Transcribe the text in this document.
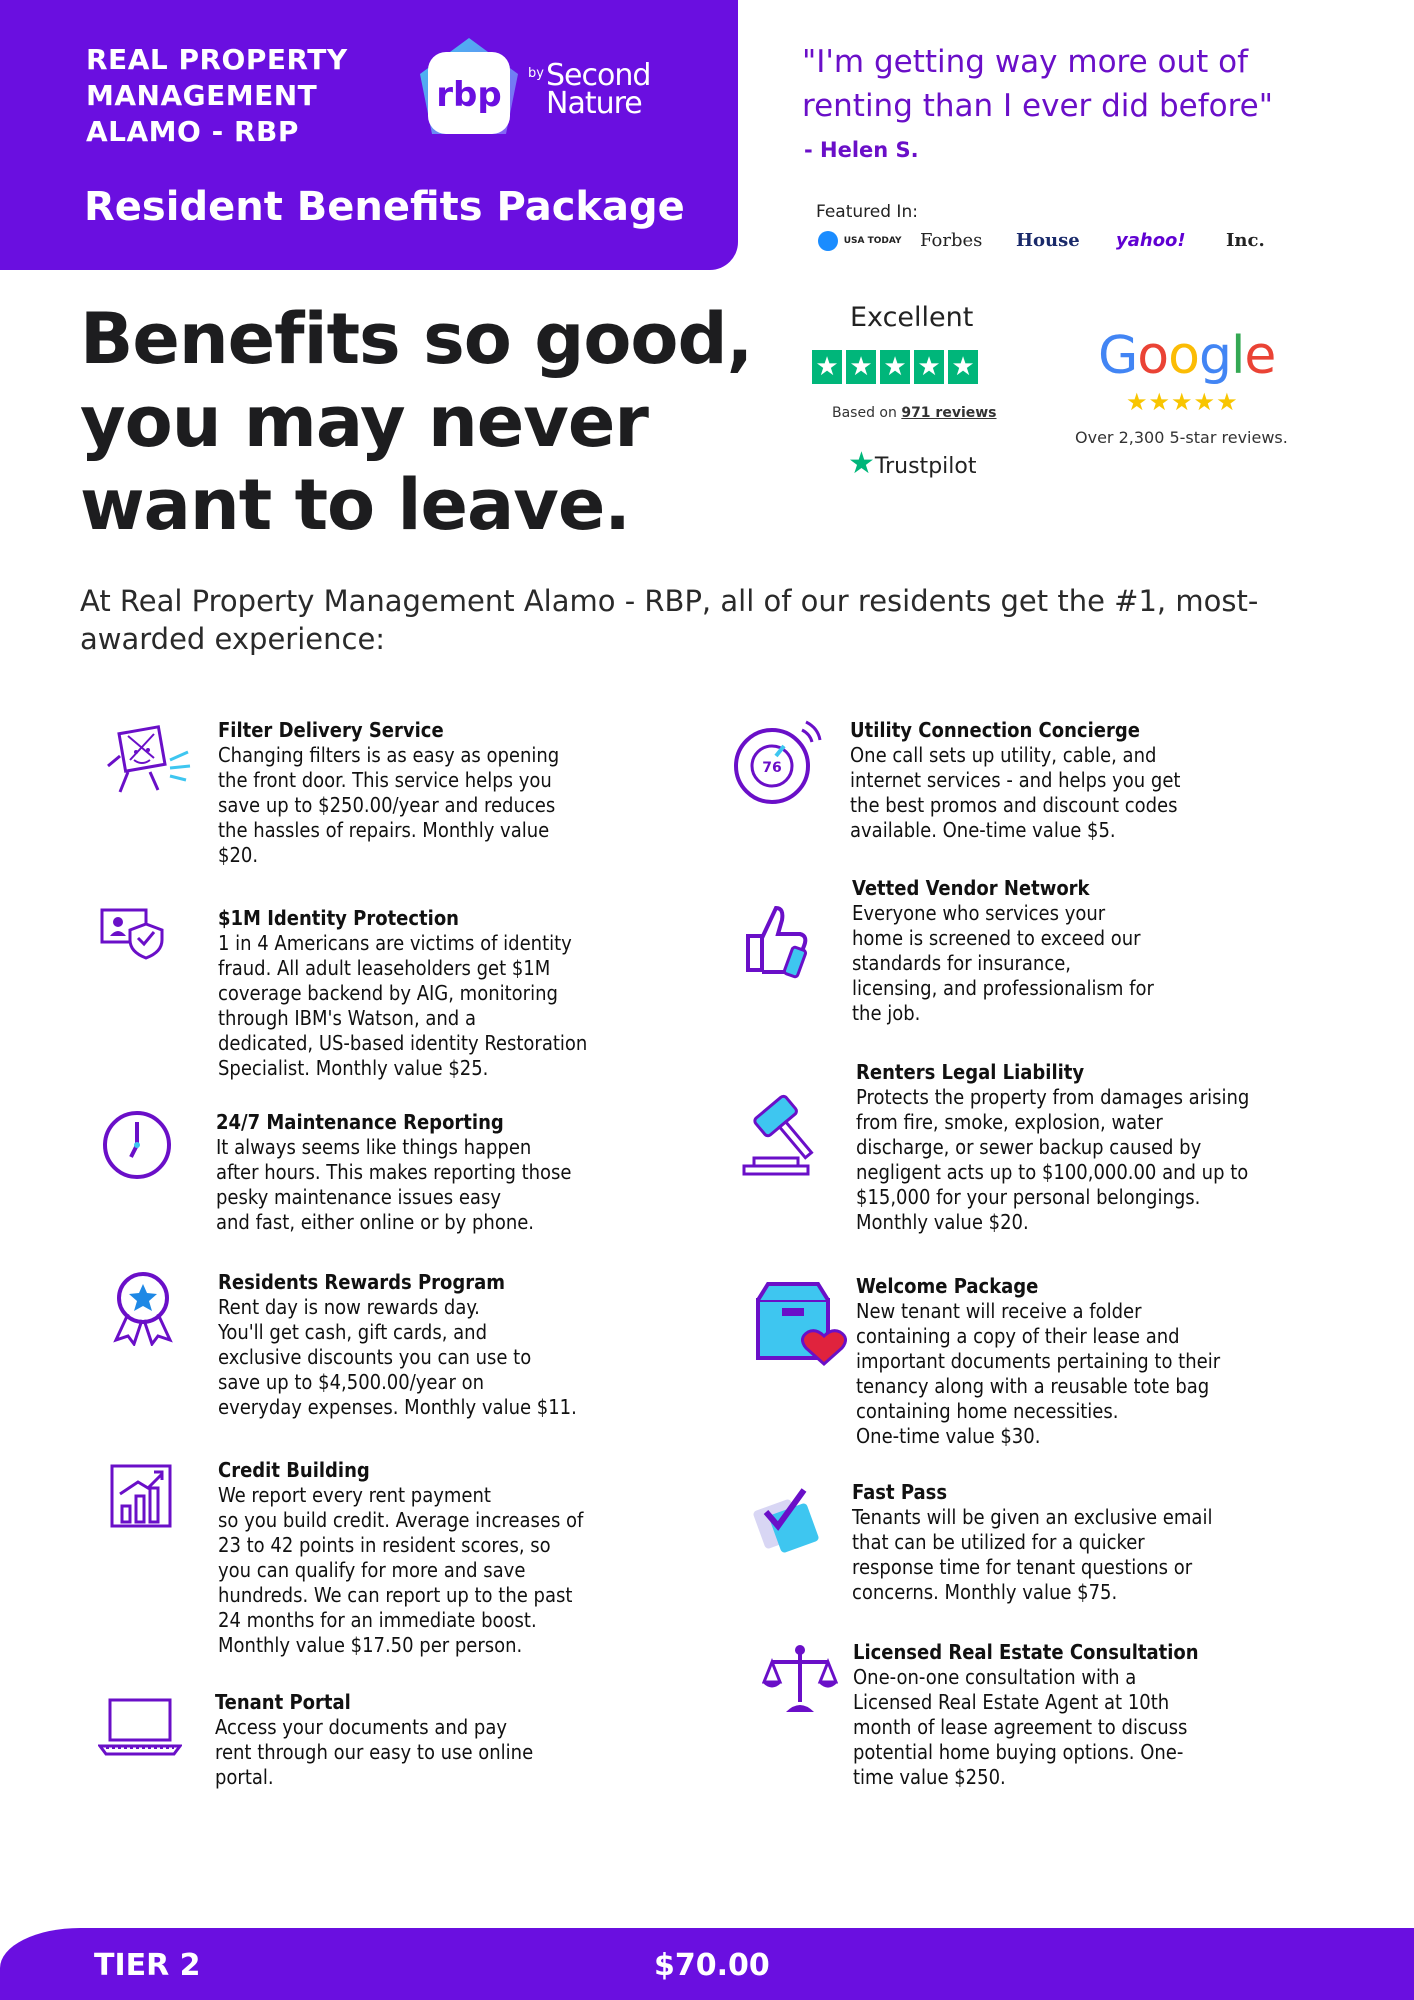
REAL PROPERTY
MANAGEMENT
ALAMO - RBP
rbp
by Second
Nature
Resident Benefits Package
"I'm getting way more out of renting than I ever did before"
- Helen S.
Featured In:
USA TODAY Forbes House yahoo! Inc.
Benefits so good, you may never want to leave.
Excellent
★ ★ ★ ★ ★
Based on 971 reviews
★Trustpilot
Google
★★★★★
Over 2,300 5-star reviews.
At Real Property Management Alamo - RBP, all of our residents get the #1, most-awarded experience:
Filter Delivery Service
Changing filters is as easy as opening
the front door. This service helps you
save up to $250.00/year and reduces
the hassles of repairs. Monthly value
$20.
$1M Identity Protection
1 in 4 Americans are victims of identity
fraud. All adult leaseholders get $1M
coverage backend by AIG, monitoring
through IBM's Watson, and a
dedicated, US-based identity Restoration
Specialist. Monthly value $25.
24/7 Maintenance Reporting
It always seems like things happen
after hours. This makes reporting those
pesky maintenance issues easy
and fast, either online or by phone.
Residents Rewards Program
Rent day is now rewards day.
You'll get cash, gift cards, and
exclusive discounts you can use to
save up to $4,500.00/year on
everyday expenses. Monthly value $11.
Credit Building
We report every rent payment
so you build credit. Average increases of
23 to 42 points in resident scores, so
you can qualify for more and save
hundreds. We can report up to the past
24 months for an immediate boost.
Monthly value $17.50 per person.
Tenant Portal
Access your documents and pay
rent through our easy to use online
portal.
76
Utility Connection Concierge
One call sets up utility, cable, and
internet services - and helps you get
the best promos and discount codes
available. One-time value $5.
Vetted Vendor Network
Everyone who services your
home is screened to exceed our
standards for insurance,
licensing, and professionalism for
the job.
Renters Legal Liability
Protects the property from damages arising
from fire, smoke, explosion, water
discharge, or sewer backup caused by
negligent acts up to $100,000.00 and up to
$15,000 for your personal belongings.
Monthly value $20.
Welcome Package
New tenant will receive a folder
containing a copy of their lease and
important documents pertaining to their
tenancy along with a reusable tote bag
containing home necessities.
One-time value $30.
Fast Pass
Tenants will be given an exclusive email
that can be utilized for a quicker
response time for tenant questions or
concerns. Monthly value $75.
Licensed Real Estate Consultation
One-on-one consultation with a
Licensed Real Estate Agent at 10th
month of lease agreement to discuss
potential home buying options. One-
time value $250.
TIER 2	$70.00
